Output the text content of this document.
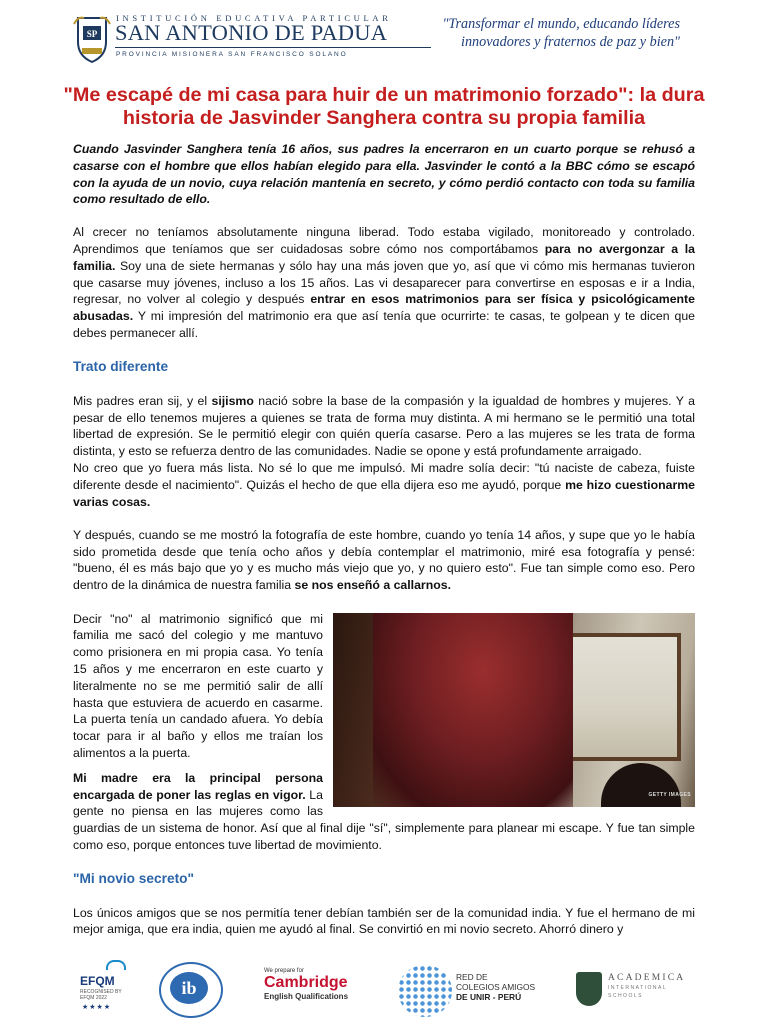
SP
INSTITUCIÓN EDUCATIVA PARTICULAR
SAN ANTONIO DE PADUA
PROVINCIA MISIONERA SAN FRANCISCO SOLANO
"Transformar el mundo, educando líderes
innovadores y fraternos de paz y bien"
"Me escapé de mi casa para huir de un matrimonio forzado": la dura historia de Jasvinder Sanghera contra su propia familia

Cuando Jasvinder Sanghera tenía 16 años, sus padres la encerraron en un cuarto porque se rehusó a casarse con el hombre que ellos habían elegido para ella. Jasvinder le contó a la BBC cómo se escapó con la ayuda de un novio, cuya relación mantenía en secreto, y cómo perdió contacto con toda su familia como resultado de ello.

Al crecer no teníamos absolutamente ninguna liberad. Todo estaba vigilado, monitoreado y controlado. Aprendimos que teníamos que ser cuidadosas sobre cómo nos comportábamos para no avergonzar a la familia. Soy una de siete hermanas y sólo hay una más joven que yo, así que vi cómo mis hermanas tuvieron que casarse muy jóvenes, incluso a los 15 años. Las vi desaparecer para convertirse en esposas e ir a India, regresar, no volver al colegio y después entrar en esos matrimonios para ser física y psicológicamente abusadas. Y mi impresión del matrimonio era que así tenía que ocurrirte: te casas, te golpean y te dicen que debes permanecer allí.

Trato diferente

Mis padres eran sij, y el sijismo nació sobre la base de la compasión y la igualdad de hombres y mujeres. Y a pesar de ello tenemos mujeres a quienes se trata de forma muy distinta. A mi hermano se le permitió una total libertad de expresión. Se le permitió elegir con quién quería casarse. Pero a las mujeres se les trata de forma distinta, y esto se refuerza dentro de las comunidades. Nadie se opone y está profundamente arraigado.

No creo que yo fuera más lista. No sé lo que me impulsó. Mi madre solía decir: "tú naciste de cabeza, fuiste diferente desde el nacimiento". Quizás el hecho de que ella dijera eso me ayudó, porque me hizo cuestionarme varias cosas.

Y después, cuando se me mostró la fotografía de este hombre, cuando yo tenía 14 años, y supe que yo le había sido prometida desde que tenía ocho años y debía contemplar el matrimonio, miré esa fotografía y pensé: "bueno, él es más bajo que yo y es mucho más viejo que yo, y no quiero esto". Fue tan simple como eso. Pero dentro de la dinámica de nuestra familia se nos enseñó a callarnos.

GETTY IMAGES

Decir "no" al matrimonio significó que mi familia me sacó del colegio y me mantuvo como prisionera en mi propia casa. Yo tenía 15 años y me encerraron en este cuarto y literalmente no se me permitió salir de allí hasta que estuviera de acuerdo en casarme. La puerta tenía un candado afuera. Yo debía tocar para ir al baño y ellos me traían los alimentos a la puerta.

Mi madre era la principal persona encargada de poner las reglas en vigor. La gente no piensa en las mujeres como las guardias de un sistema de honor. Así que al final dije "sí", simplemente para planear mi escape. Y fue tan simple como eso, porque entonces tuve libertad de movimiento.

"Mi novio secreto"

Los únicos amigos que se nos permitía tener debían también ser de la comunidad india. Y fue el hermano de mi mejor amiga, que era india, quien me ayudó al final. Se convirtió en mi novio secreto. Ahorró dinero y

EFQM
RECOGNISED BY
EFQM 2022
★★★★
ib
We prepare for
Cambridge
English Qualifications
RED DE
COLEGIOS AMIGOS
DE UNIR - PERÚ
ACADEMICA
INTERNATIONAL
SCHOOLS
